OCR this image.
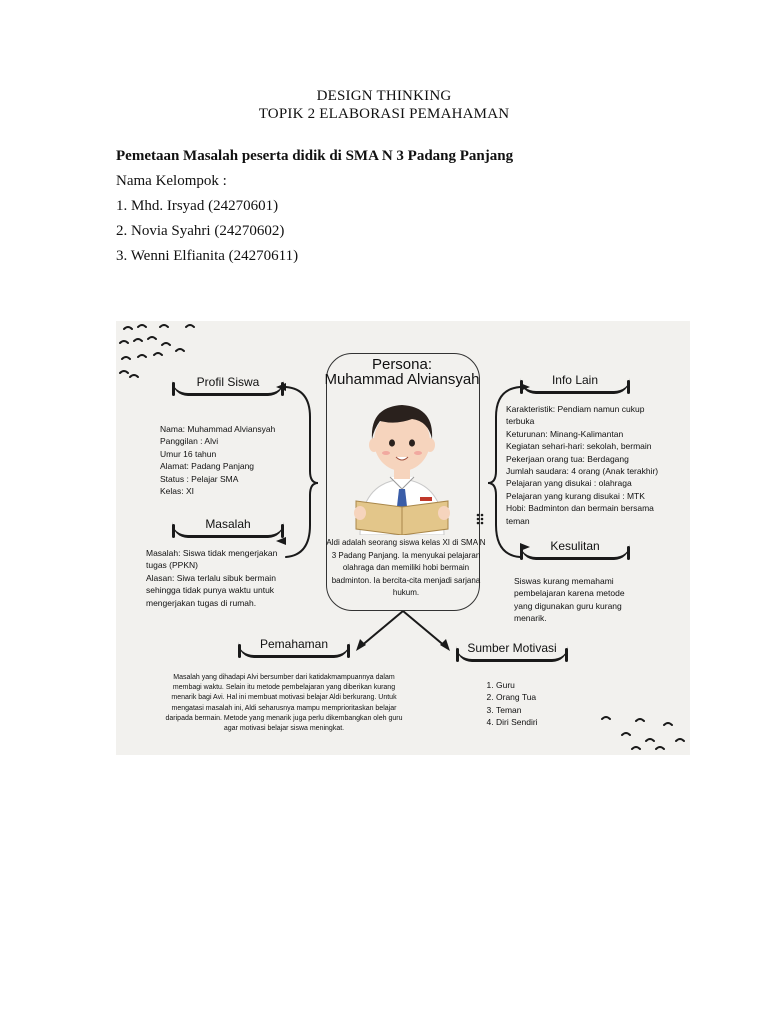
DESIGN THINKING
TOPIK 2 ELABORASI PEMAHAMAN
Pemetaan Masalah peserta didik di SMA N 3 Padang Panjang
Nama Kelompok :
1. Mhd. Irsyad (24270601)
2. Novia Syahri (24270602)
3. Wenni Elfianita (24270611)
Persona:
Muhammad Alviansyah
Aldi adalah seorang siswa kelas XI di SMA N 3 Padang Panjang. Ia menyukai pelajaran olahraga dan memiliki hobi bermain badminton. Ia bercita-cita menjadi sarjana hukum.
Profil Siswa
Nama: Muhammad Alviansyah
Panggilan : Alvi
Umur 16 tahun
Alamat: Padang Panjang
Status : Pelajar SMA
Kelas: XI
Masalah
Masalah: Siswa tidak mengerjakan
tugas (PPKN)
Alasan: Siwa terlalu sibuk bermain
sehingga tidak punya waktu untuk
mengerjakan tugas di rumah.
Info Lain
Karakteristik: Pendiam namun cukup
terbuka
Keturunan: Minang-Kalimantan
Kegiatan sehari-hari: sekolah, bermain
Pekerjaan orang tua: Berdagang
Jumlah saudara: 4 orang (Anak terakhir)
Pelajaran yang disukai : olahraga
Pelajaran yang kurang disukai : MTK
Hobi: Badminton dan bermain bersama
teman
Kesulitan
Siswas kurang memahami
pembelajaran karena metode
yang digunakan guru kurang
menarik.
Pemahaman
Masalah yang dihadapi Alvi bersumber dari katidakmampuannya dalam
membagi waktu. Selain itu metode pembelajaran yang diberikan kurang
menarik bagi Avi. Hal ini membuat motivasi belajar Aldi berkurang. Untuk
mengatasi masalah ini, Aldi seharusnya mampu memprioritaskan belajar
daripada bermain. Metode yang menarik juga perlu dikembangkan oleh guru
agar motivasi belajar siswa meningkat.
Sumber Motivasi
1. Guru
2. Orang Tua
3. Teman
4. Diri Sendiri
